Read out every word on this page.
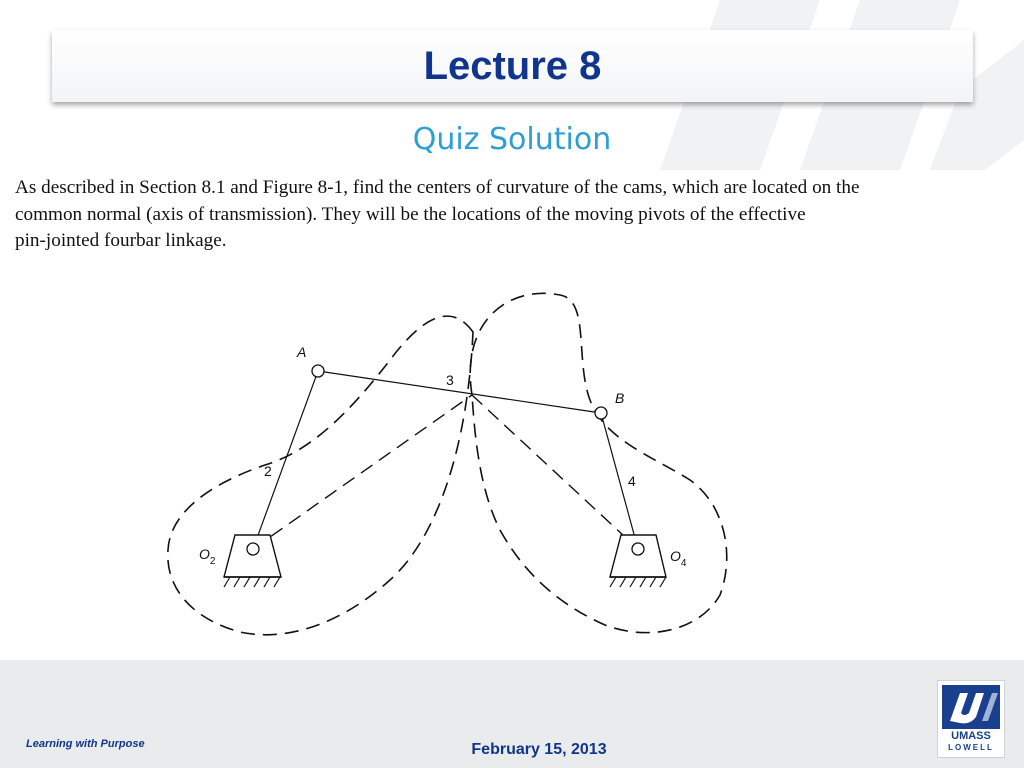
Lecture 8
Quiz Solution
As described in Section 8.1 and Figure 8-1, find the centers of curvature of the cams, which are located on the
common normal (axis of transmission). They will be the locations of the moving pivots of the effective
pin-jointed fourbar linkage.
A
B
3
2
4
$O_2$	$O_4$
Learning with Purpose	February 15, 2013
UMASS
LOWELL
